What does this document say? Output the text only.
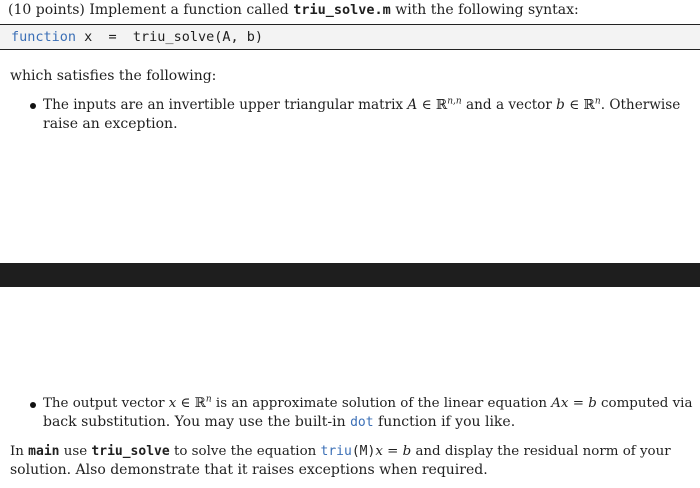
(10 points) Implement a function called triu_solve.m with the following syntax:
function x  =  triu_solve(A, b)
which satisfies the following:
The inputs are an invertible upper triangular matrix A ∈ ℝ$^{n,n}$ and a vector b ∈ ℝ$^n$. Otherwise
raise an exception.
The output vector x ∈ ℝ$^n$ is an approximate solution of the linear equation Ax = b computed via
back substitution. You may use the built-in dot function if you like.
In main use triu_solve to solve the equation triu(M)x = b and display the residual norm of your
solution. Also demonstrate that it raises exceptions when required.
